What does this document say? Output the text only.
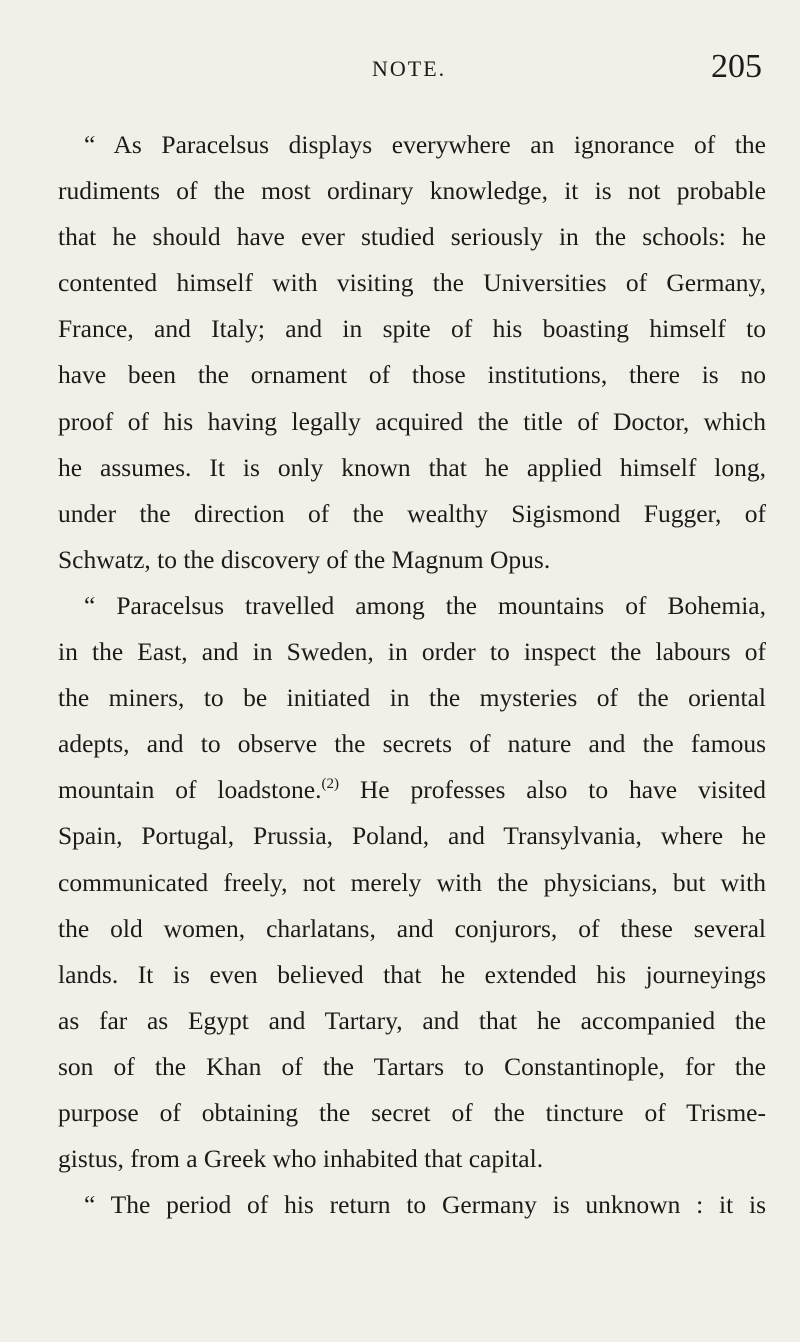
NOTE.	205
“ As Paracelsus displays everywhere an ignorance of the
rudiments of the most ordinary knowledge, it is not probable
that he should have ever studied seriously in the schools: he
contented himself with visiting the Universities of Germany,
France, and Italy; and in spite of his boasting himself to
have been the ornament of those institutions, there is no
proof of his having legally acquired the title of Doctor, which
he assumes. It is only known that he applied himself long,
under the direction of the wealthy Sigismond Fugger, of
Schwatz, to the discovery of the Magnum Opus.
“ Paracelsus travelled among the mountains of Bohemia,
in the East, and in Sweden, in order to inspect the labours of
the miners, to be initiated in the mysteries of the oriental
adepts, and to observe the secrets of nature and the famous
mountain of loadstone.$^{(2)}$ He professes also to have visited
Spain, Portugal, Prussia, Poland, and Transylvania, where he
communicated freely, not merely with the physicians, but with
the old women, charlatans, and conjurors, of these several
lands. It is even believed that he extended his journeyings
as far as Egypt and Tartary, and that he accompanied the
son of the Khan of the Tartars to Constantinople, for the
purpose of obtaining the secret of the tincture of Trisme-
gistus, from a Greek who inhabited that capital.
“ The period of his return to Germany is unknown : it is
